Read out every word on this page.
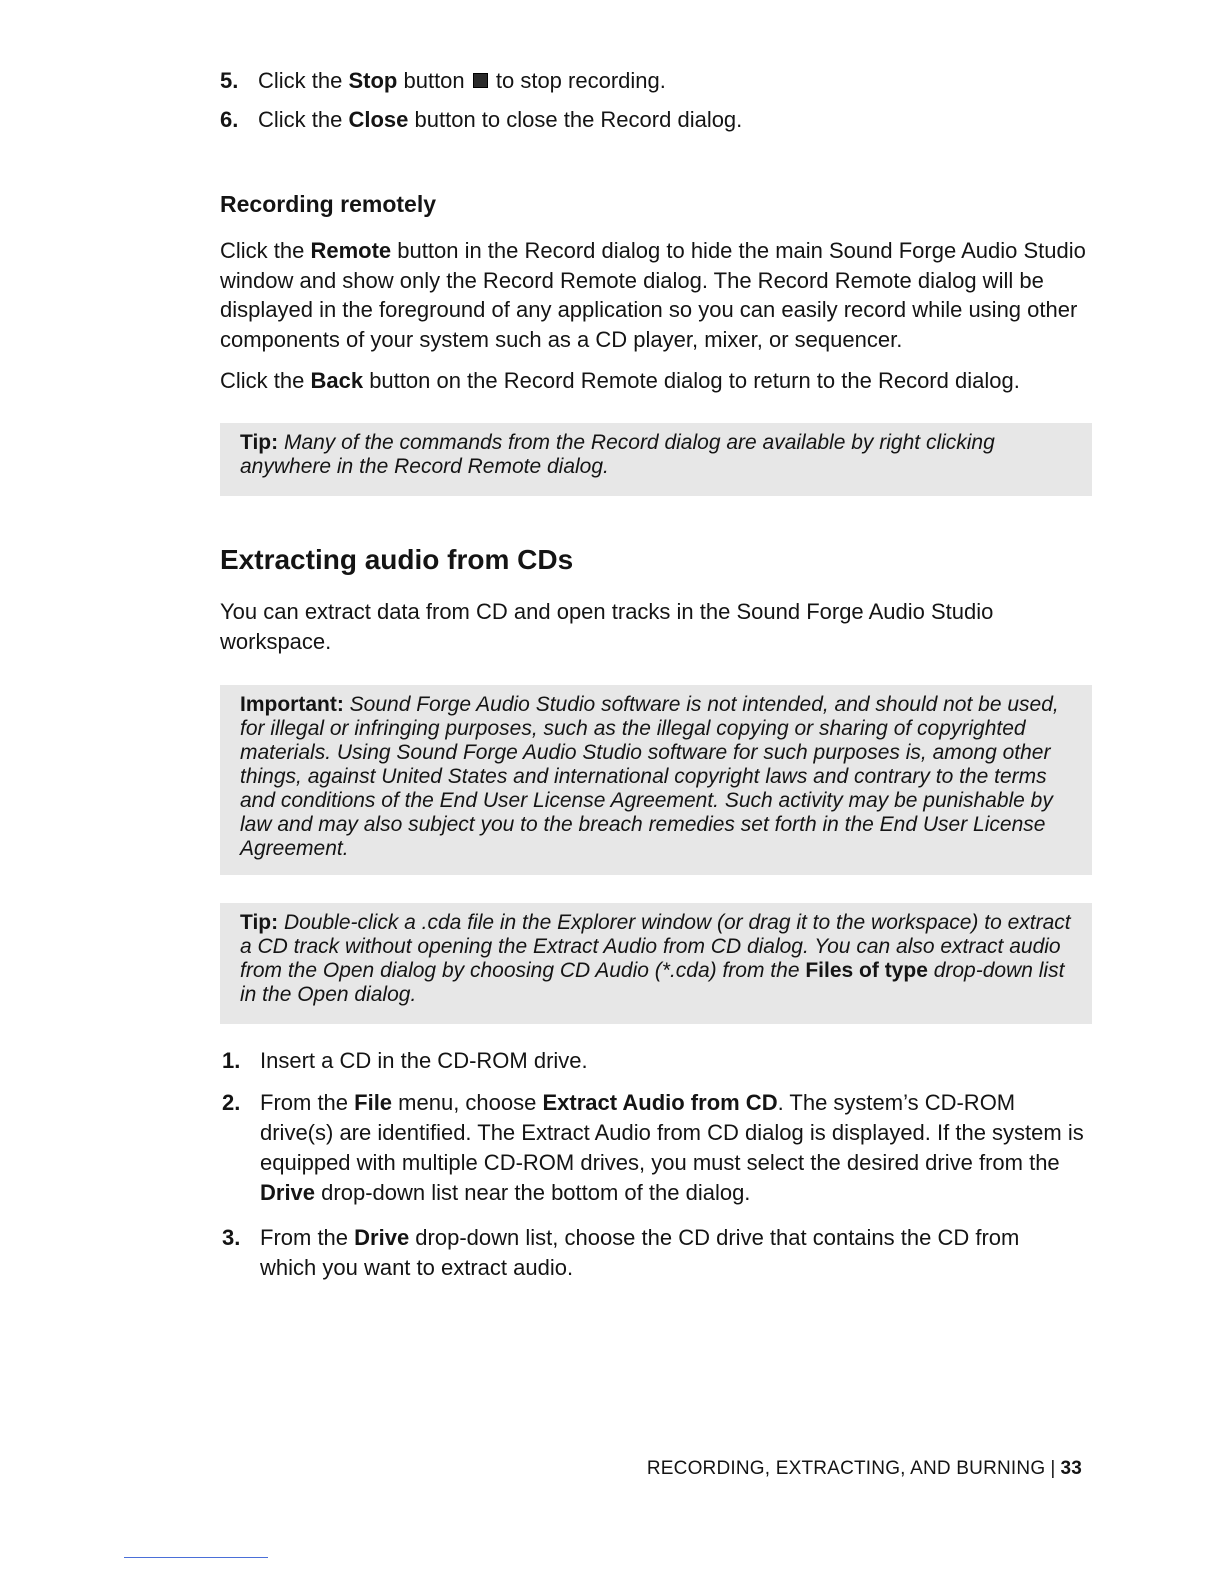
5. Click the Stop button  to stop recording.
6. Click the Close button to close the Record dialog.
Recording remotely
Click the Remote button in the Record dialog to hide the main Sound Forge Audio Studio window and show only the Record Remote dialog. The Record Remote dialog will be displayed in the foreground of any application so you can easily record while using other components of your system such as a CD player, mixer, or sequencer.
Click the Back button on the Record Remote dialog to return to the Record dialog.
Tip: Many of the commands from the Record dialog are available by right clicking anywhere in the Record Remote dialog.
Extracting audio from CDs
You can extract data from CD and open tracks in the Sound Forge Audio Studio workspace.
Important: Sound Forge Audio Studio software is not intended, and should not be used, for illegal or infringing purposes, such as the illegal copying or sharing of copyrighted materials. Using Sound Forge Audio Studio software for such purposes is, among other things, against United States and international copyright laws and contrary to the terms and conditions of the End User License Agreement. Such activity may be punishable by law and may also subject you to the breach remedies set forth in the End User License Agreement.
Tip: Double-click a .cda file in the Explorer window (or drag it to the workspace) to extract a CD track without opening the Extract Audio from CD dialog. You can also extract audio from the Open dialog by choosing CD Audio (*.cda) from the Files of type drop-down list in the Open dialog.
1. Insert a CD in the CD-ROM drive.
2. From the File menu, choose Extract Audio from CD. The system’s CD-ROM drive(s) are identified. The Extract Audio from CD dialog is displayed. If the system is equipped with multiple CD-ROM drives, you must select the desired drive from the Drive drop-down list near the bottom of the dialog.
3. From the Drive drop-down list, choose the CD drive that contains the CD from which you want to extract audio.
RECORDING, EXTRACTING, AND BURNING | 33
